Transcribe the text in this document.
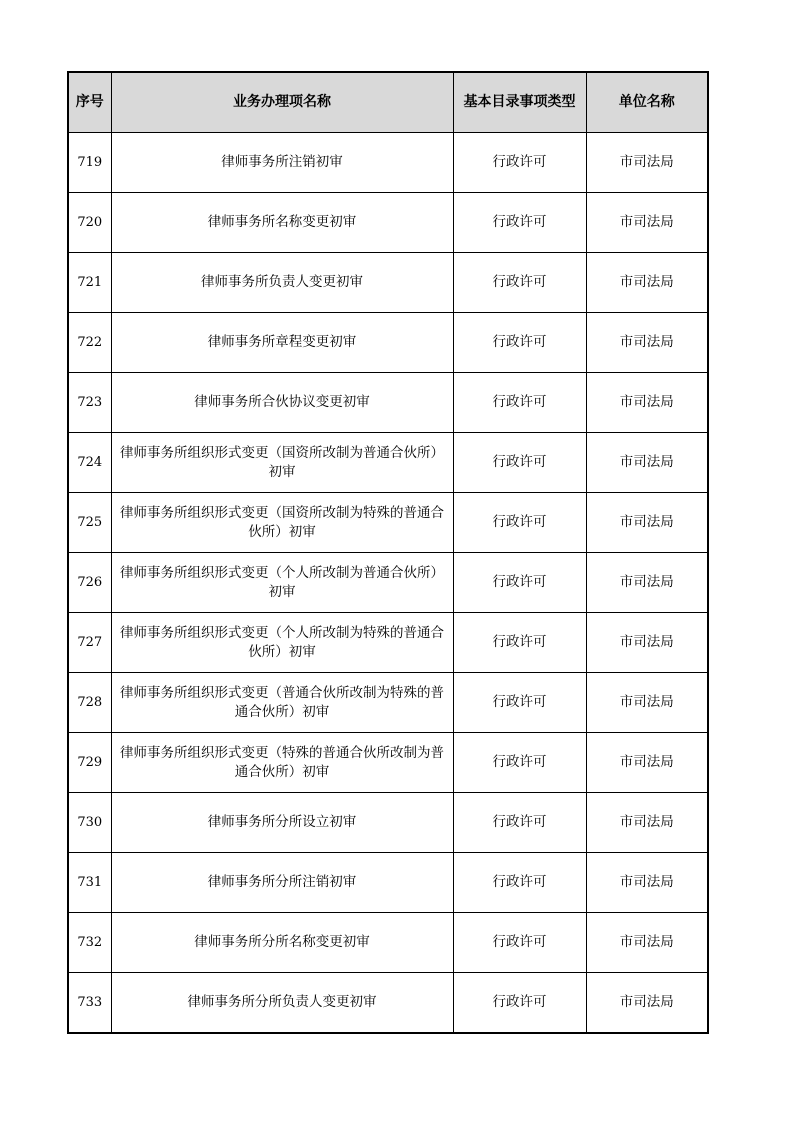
序号	业务办理项名称	基本目录事项类型	单位名称
719	律师事务所注销初审	行政许可	市司法局
720	律师事务所名称变更初审	行政许可	市司法局
721	律师事务所负责人变更初审	行政许可	市司法局
722	律师事务所章程变更初审	行政许可	市司法局
723	律师事务所合伙协议变更初审	行政许可	市司法局
724	律师事务所组织形式变更（国资所改制为普通合伙所）初审	行政许可	市司法局
725	律师事务所组织形式变更（国资所改制为特殊的普通合伙所）初审	行政许可	市司法局
726	律师事务所组织形式变更（个人所改制为普通合伙所）初审	行政许可	市司法局
727	律师事务所组织形式变更（个人所改制为特殊的普通合伙所）初审	行政许可	市司法局
728	律师事务所组织形式变更（普通合伙所改制为特殊的普通合伙所）初审	行政许可	市司法局
729	律师事务所组织形式变更（特殊的普通合伙所改制为普通合伙所）初审	行政许可	市司法局
730	律师事务所分所设立初审	行政许可	市司法局
731	律师事务所分所注销初审	行政许可	市司法局
732	律师事务所分所名称变更初审	行政许可	市司法局
733	律师事务所分所负责人变更初审	行政许可	市司法局
